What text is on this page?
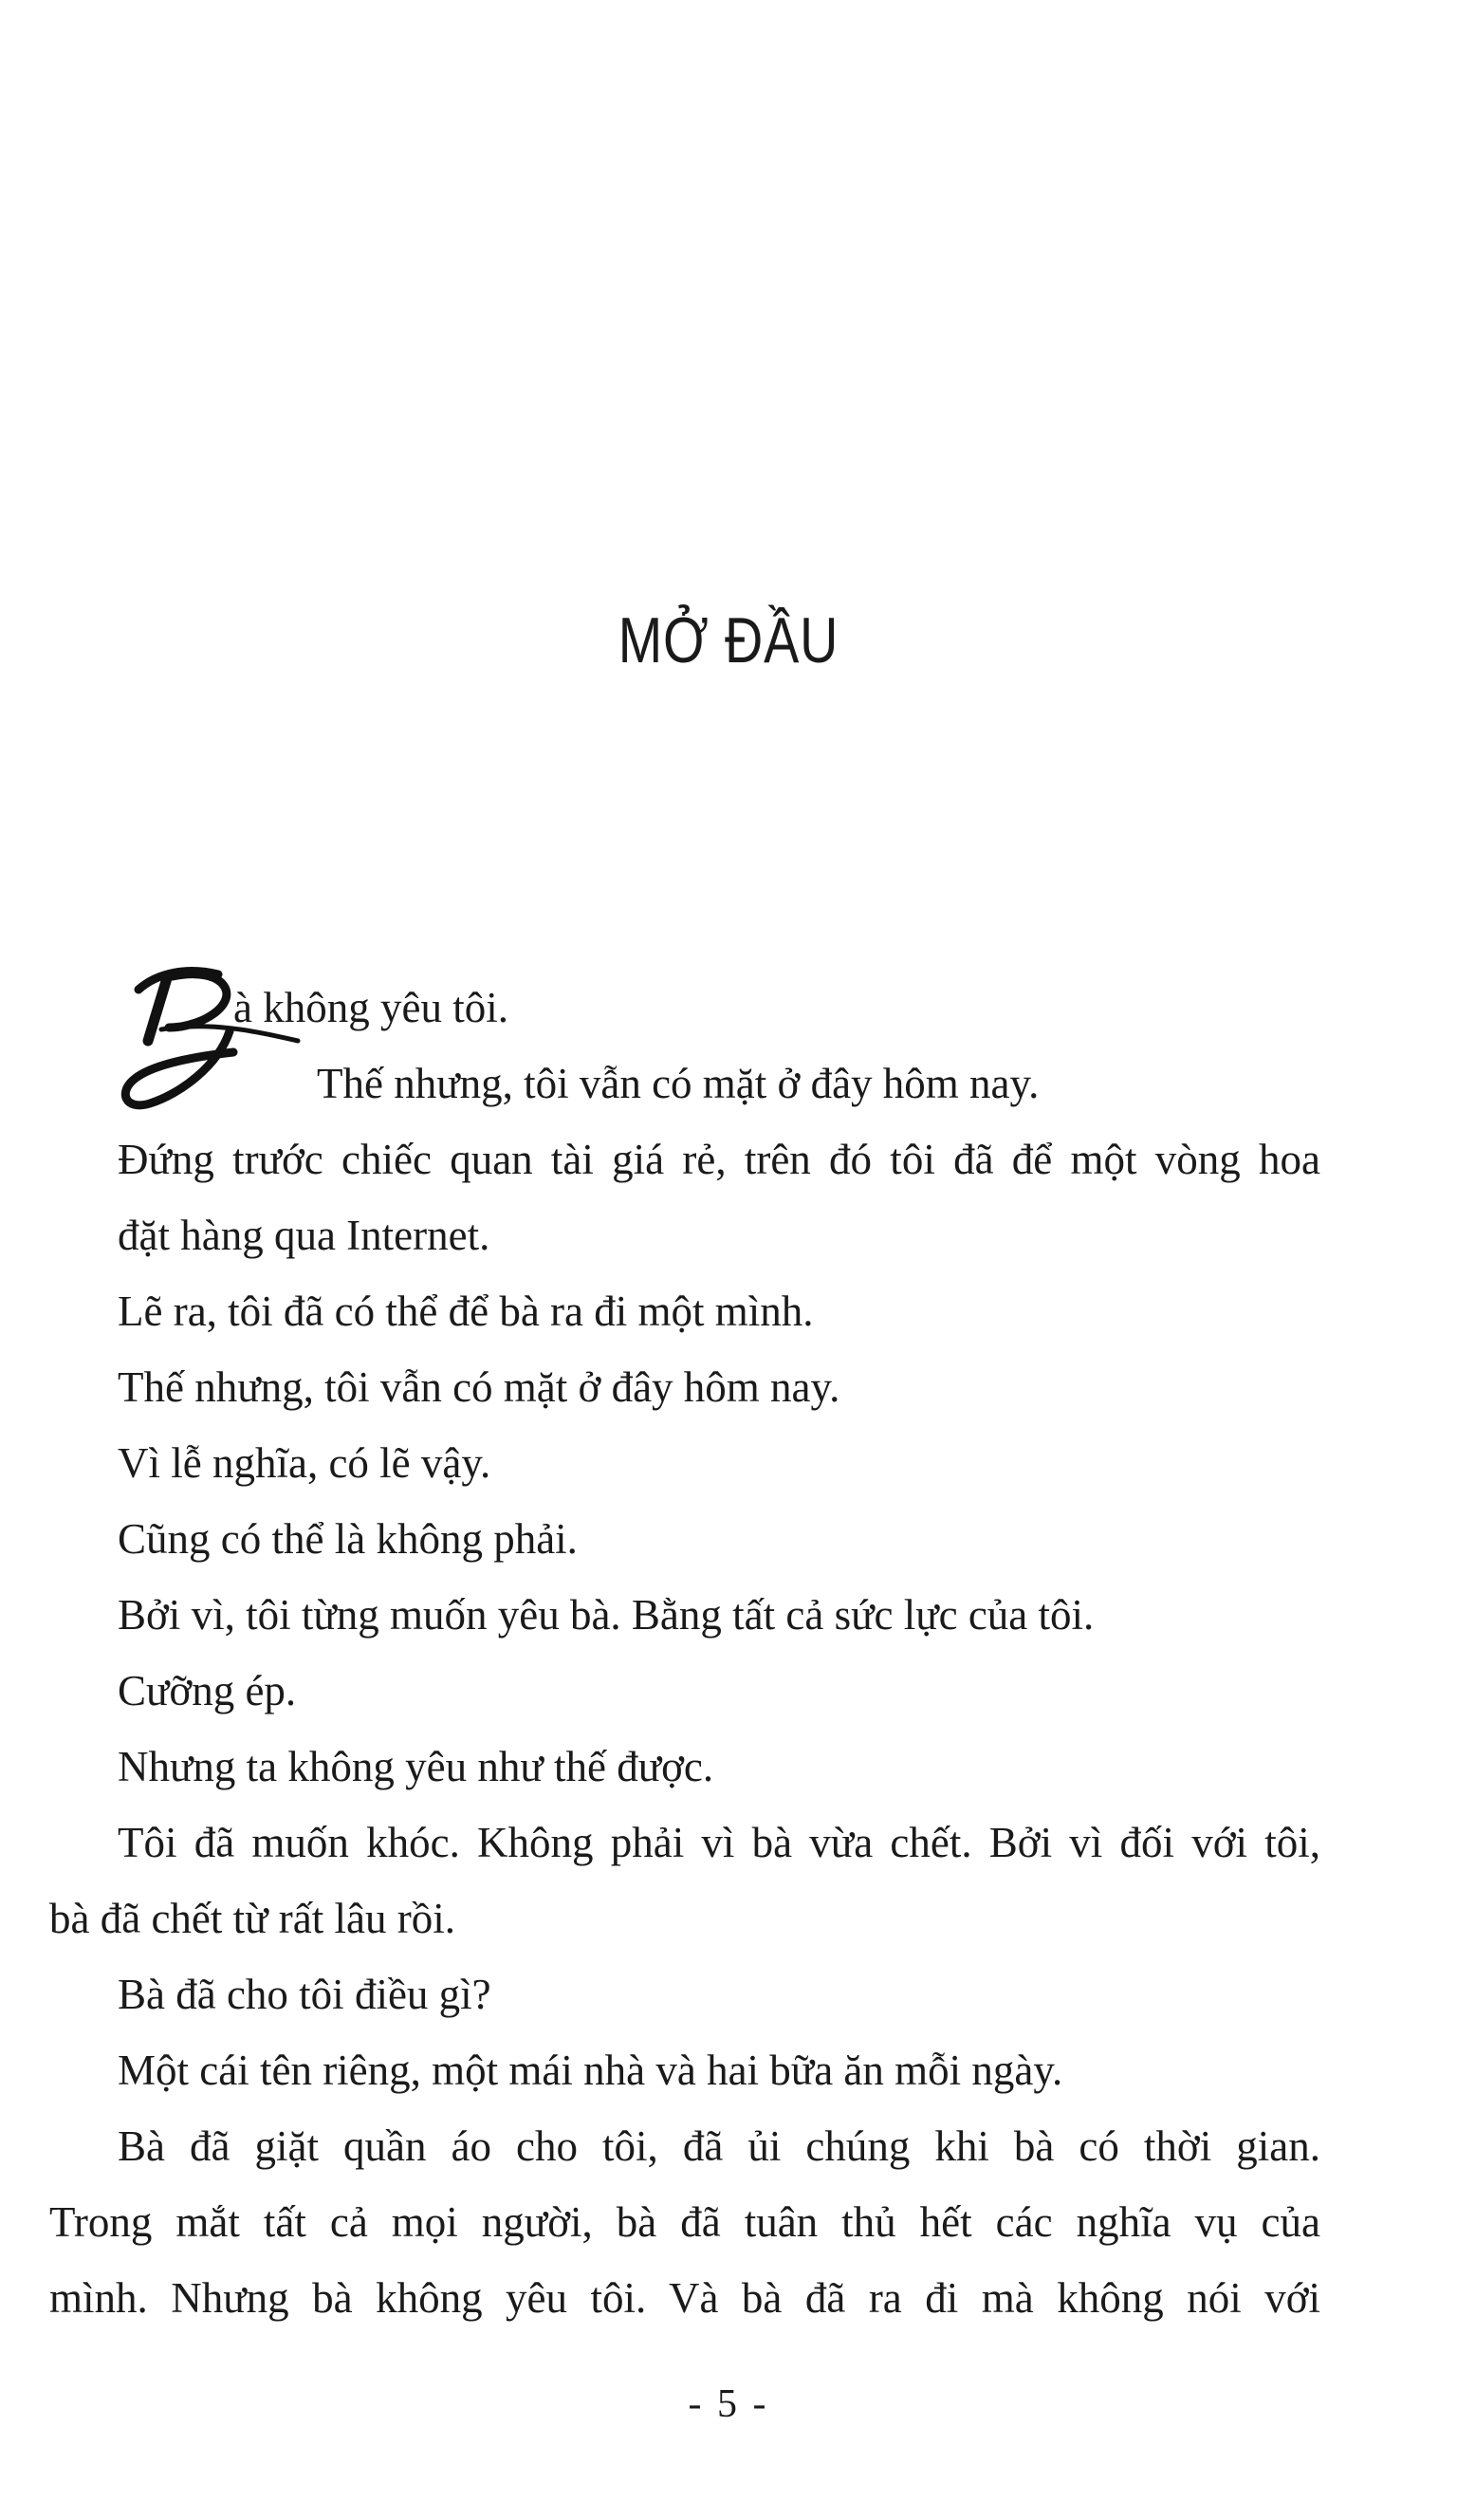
MỞ ĐẦU
à không yêu tôi.
Thế nhưng, tôi vẫn có mặt ở đây hôm nay.
Đứng trước chiếc quan tài giá rẻ, trên đó tôi đã để một vòng hoa
đặt hàng qua Internet.
Lẽ ra, tôi đã có thể để bà ra đi một mình.
Thế nhưng, tôi vẫn có mặt ở đây hôm nay.
Vì lễ nghĩa, có lẽ vậy.
Cũng có thể là không phải.
Bởi vì, tôi từng muốn yêu bà. Bằng tất cả sức lực của tôi.
Cưỡng ép.
Nhưng ta không yêu như thế được.
Tôi đã muốn khóc. Không phải vì bà vừa chết. Bởi vì đối với tôi,
bà đã chết từ rất lâu rồi.
Bà đã cho tôi điều gì?
Một cái tên riêng, một mái nhà và hai bữa ăn mỗi ngày.
Bà đã giặt quần áo cho tôi, đã ủi chúng khi bà có thời gian.
Trong mắt tất cả mọi người, bà đã tuân thủ hết các nghĩa vụ của
mình. Nhưng bà không yêu tôi. Và bà đã ra đi mà không nói với
- 5 -
